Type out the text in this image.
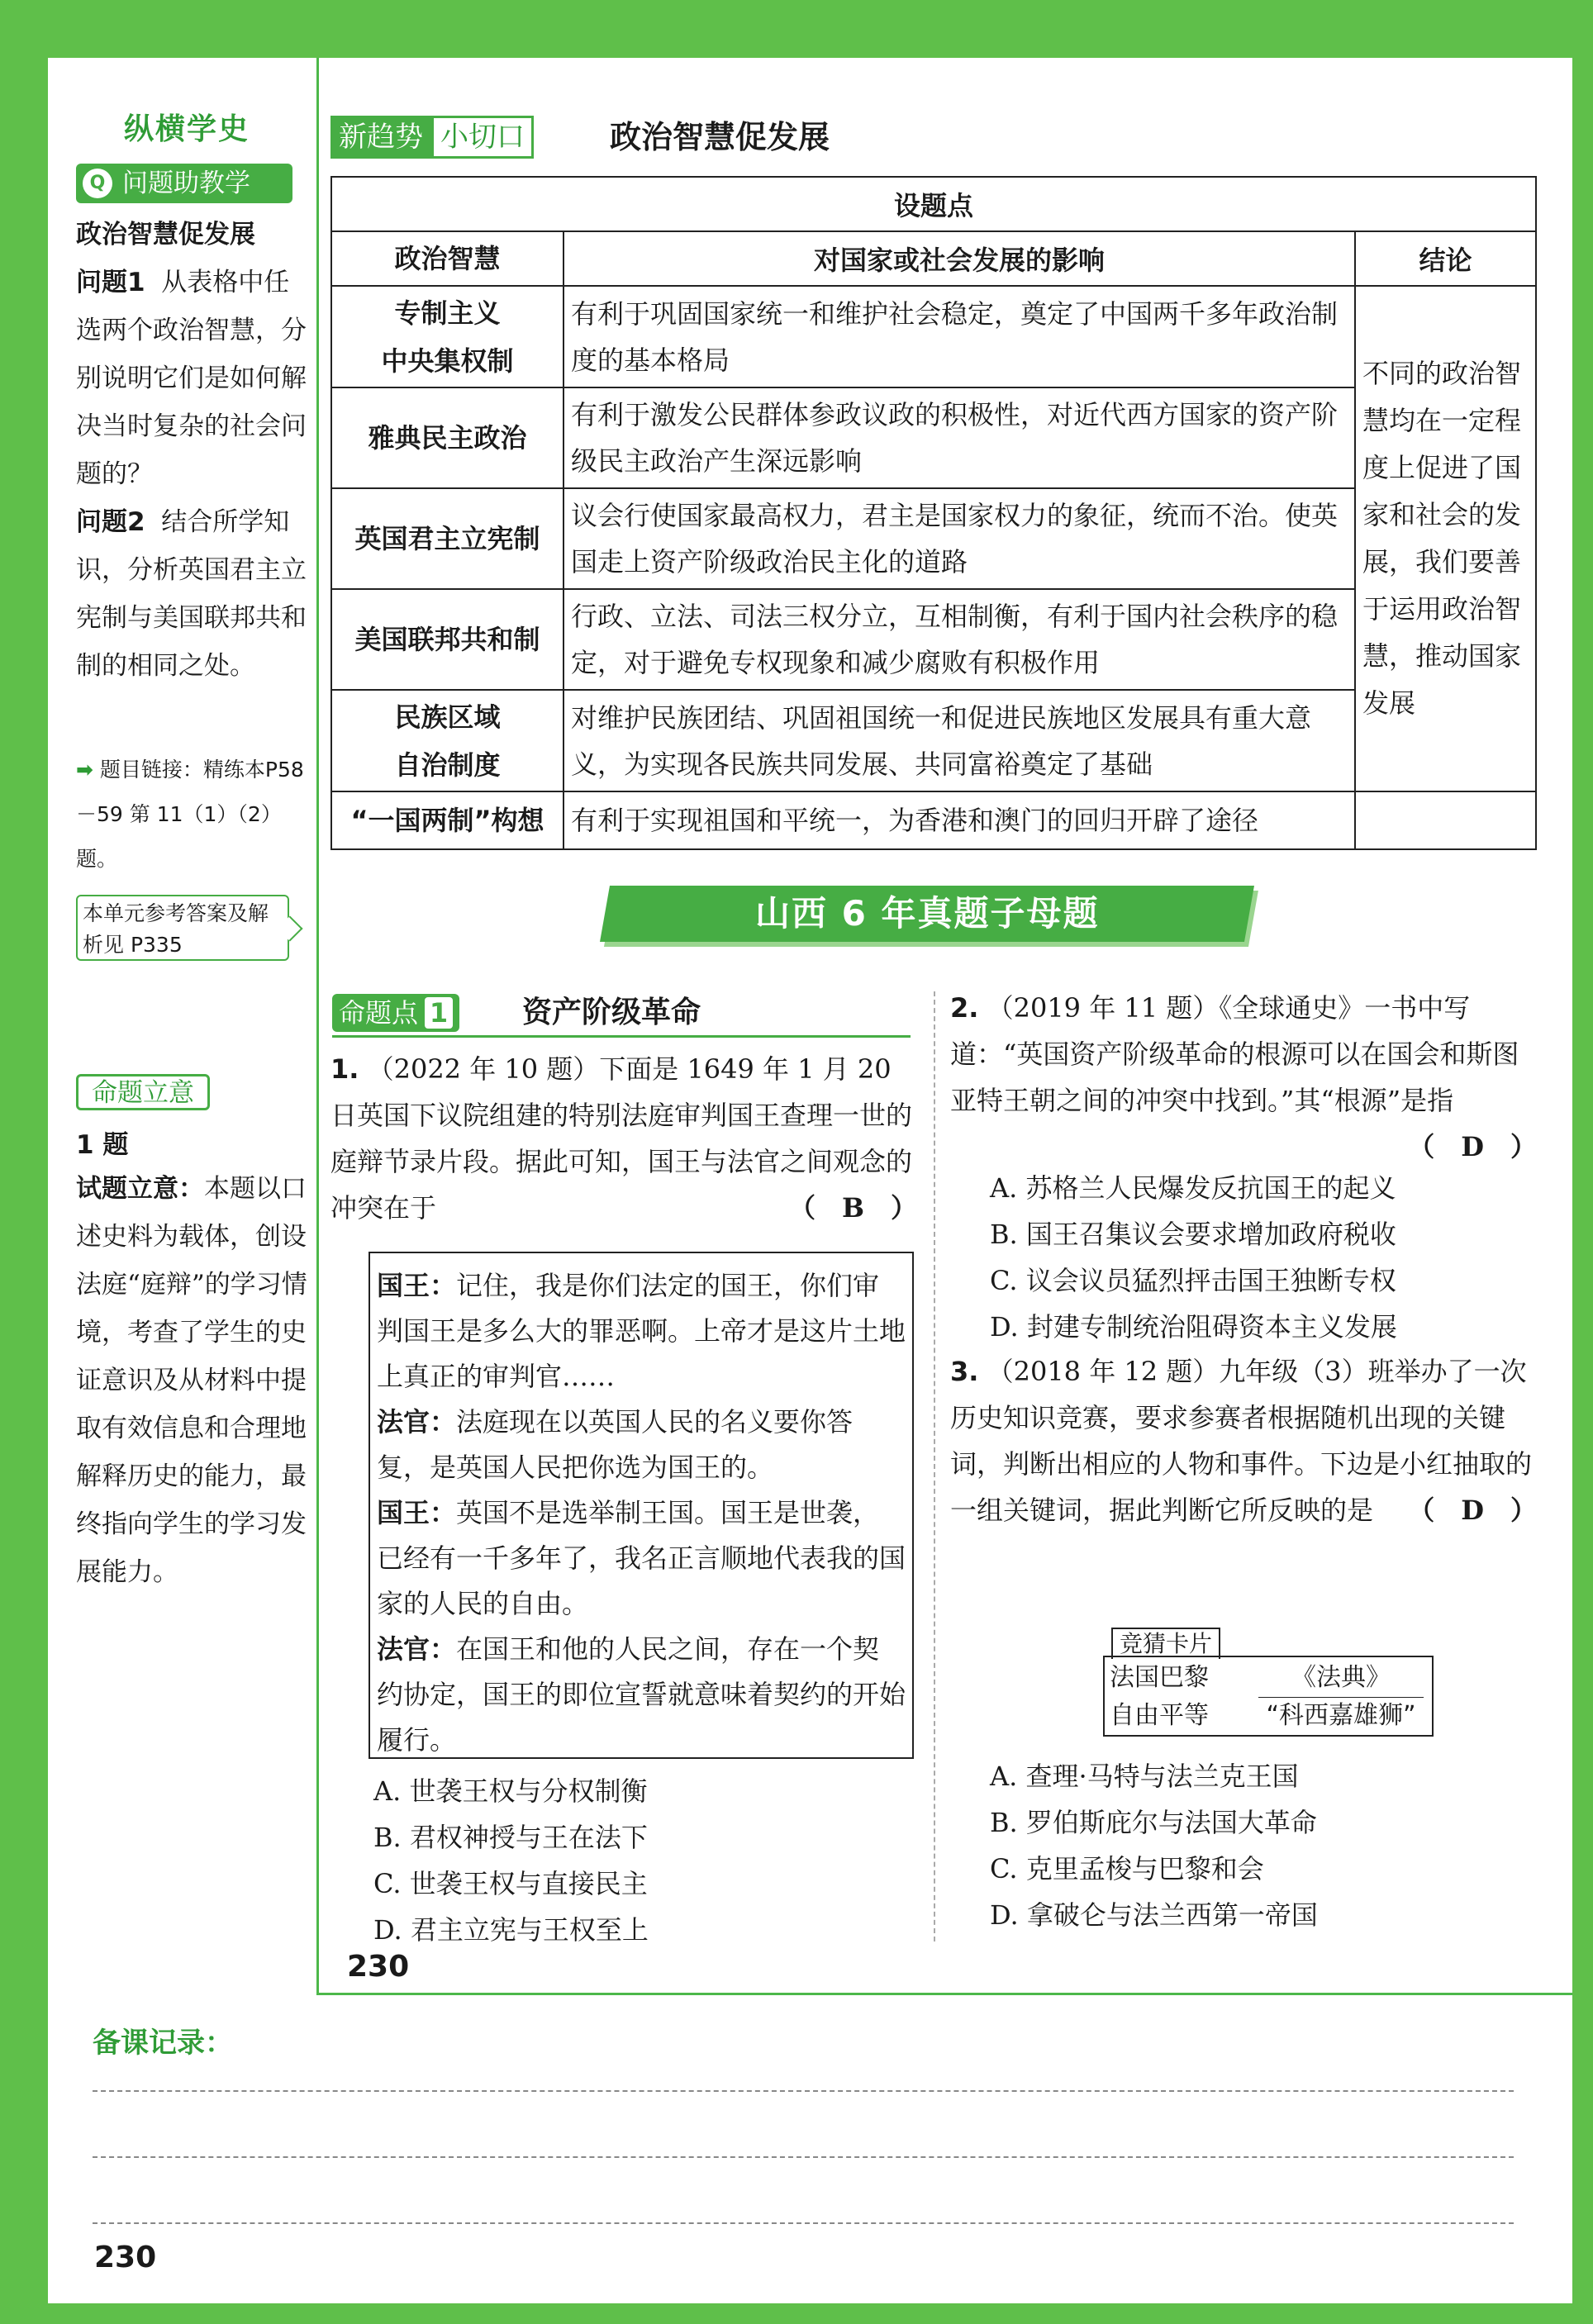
纵横学史
Q 问题助教学
政治智慧促发展
问题1 从表格中任选两个政治智慧，分别说明它们是如何解决当时复杂的社会问题的？
问题2 结合所学知识，分析英国君主立宪制与美国联邦共和制的相同之处。
➡ 题目链接：精练本P58－59 第 11（1）（2）题。
本单元参考答案及解析见 P335
命题立意
1 题
试题立意：本题以口述史料为载体，创设法庭“庭辩”的学习情境，考查了学生的史证意识及从材料中提取有效信息和合理地解释历史的能力，最终指向学生的学习发展能力。
新趋势 小切口	政治智慧促发展
设题点		
政治智慧	对国家或社会发展的影响	结论
专制主义
中央集权制	有利于巩固国家统一和维护社会稳定，奠定了中国两千多年政治制度的基本格局	不同的政治智慧均在一定程度上促进了国家和社会的发展，我们要善于运用政治智慧，推动国家发展
雅典民主政治	有利于激发公民群体参政议政的积极性，对近代西方国家的资产阶级民主政治产生深远影响	
英国君主立宪制	议会行使国家最高权力，君主是国家权力的象征，统而不治。使英国走上资产阶级政治民主化的道路	
美国联邦共和制	行政、立法、司法三权分立，互相制衡，有利于国内社会秩序的稳定，对于避免专权现象和减少腐败有积极作用	
民族区域
自治制度	对维护民族团结、巩固祖国统一和促进民族地区发展具有重大意义，为实现各民族共同发展、共同富裕奠定了基础	
“一国两制”构想	有利于实现祖国和平统一，为香港和澳门的回归开辟了途径	
山西 6 年真题子母题
命题点 1	资产阶级革命
1. （2022 年 10 题）下面是 1649 年 1 月 20 日英国下议院组建的特别法庭审判国王查理一世的庭辩节录片段。据此可知，国王与法官之间观念的冲突在于	（　B　）
国王：记住，我是你们法定的国王，你们审判国王是多么大的罪恶啊。上帝才是这片土地上真正的审判官……
法官：法庭现在以英国人民的名义要你答复，是英国人民把你选为国王的。
国王：英国不是选举制王国。国王是世袭，已经有一千多年了，我名正言顺地代表我的国家的人民的自由。
法官：在国王和他的人民之间，存在一个契约协定，国王的即位宣誓就意味着契约的开始履行。
A. 世袭王权与分权制衡
B. 君权神授与王在法下
C. 世袭王权与直接民主
D. 君主立宪与王权至上
2. （2019 年 11 题）《全球通史》一书中写道：“英国资产阶级革命的根源可以在国会和斯图亚特王朝之间的冲突中找到。”其“根源”是指
（　D　）
A. 苏格兰人民爆发反抗国王的起义
B. 国王召集议会要求增加政府税收
C. 议会议员猛烈抨击国王独断专权
D. 封建专制统治阻碍资本主义发展
3. （2018 年 12 题）九年级（3）班举办了一次历史知识竞赛，要求参赛者根据随机出现的关键词，判断出相应的人物和事件。下边是小红抽取的一组关键词，据此判断它所反映的是 （　D　）
竞猜卡片
法国巴黎	《法典》
自由平等	“科西嘉雄狮”
A. 查理·马特与法兰克王国
B. 罗伯斯庇尔与法国大革命
C. 克里孟梭与巴黎和会
D. 拿破仑与法兰西第一帝国
230
备课记录：
230
